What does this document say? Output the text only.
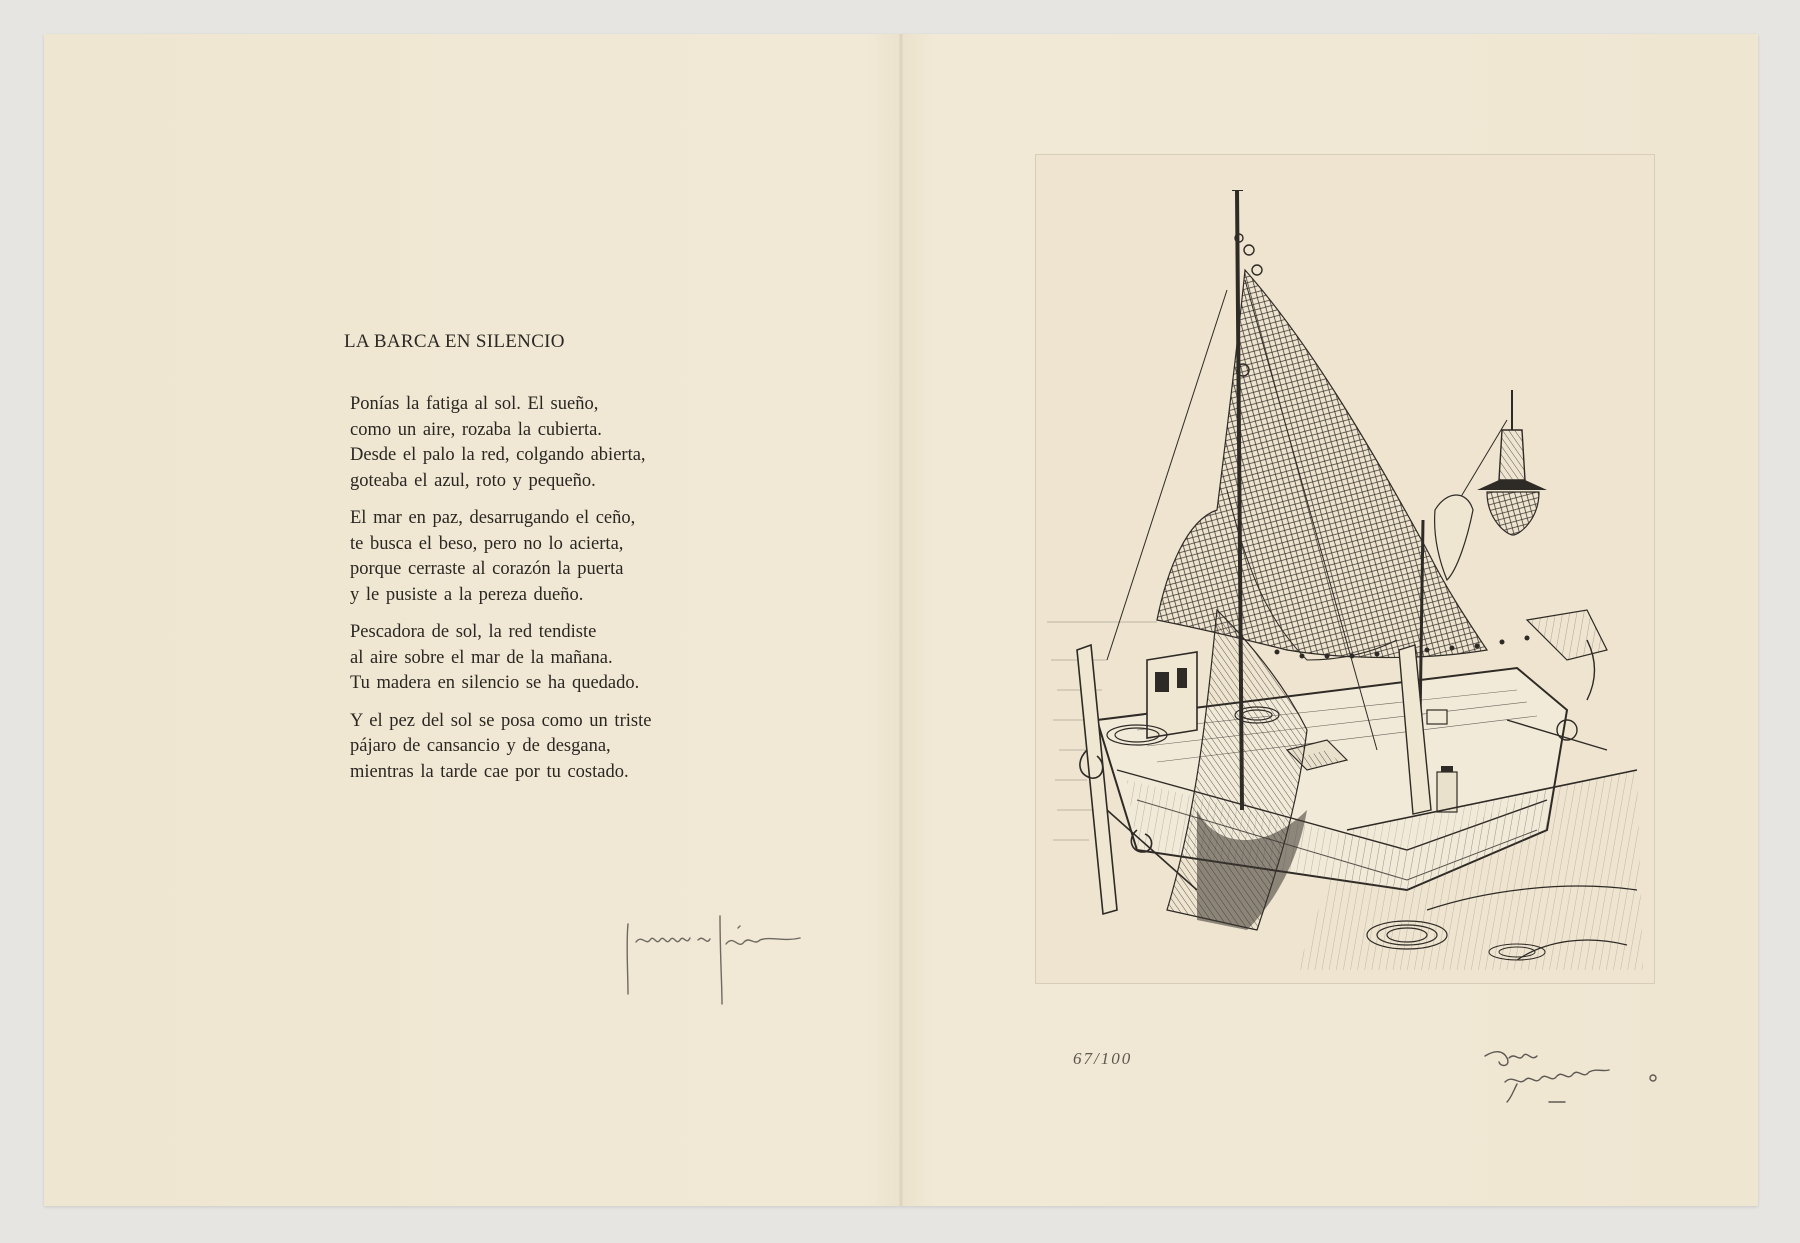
LA BARCA EN SILENCIO

Ponías la fatiga al sol. El sueño,
como un aire, rozaba la cubierta.
Desde el palo la red, colgando abierta,
goteaba el azul, roto y pequeño.

El mar en paz, desarrugando el ceño,
te busca el beso, pero no lo acierta,
porque cerraste al corazón la puerta
y le pusiste a la pereza dueño.

Pescadora de sol, la red tendiste
al aire sobre el mar de la mañana.
Tu madera en silencio se ha quedado.

Y el pez del sol se posa como un triste
pájaro de cansancio y de desgana,
mientras la tarde cae por tu costado.

67/100
